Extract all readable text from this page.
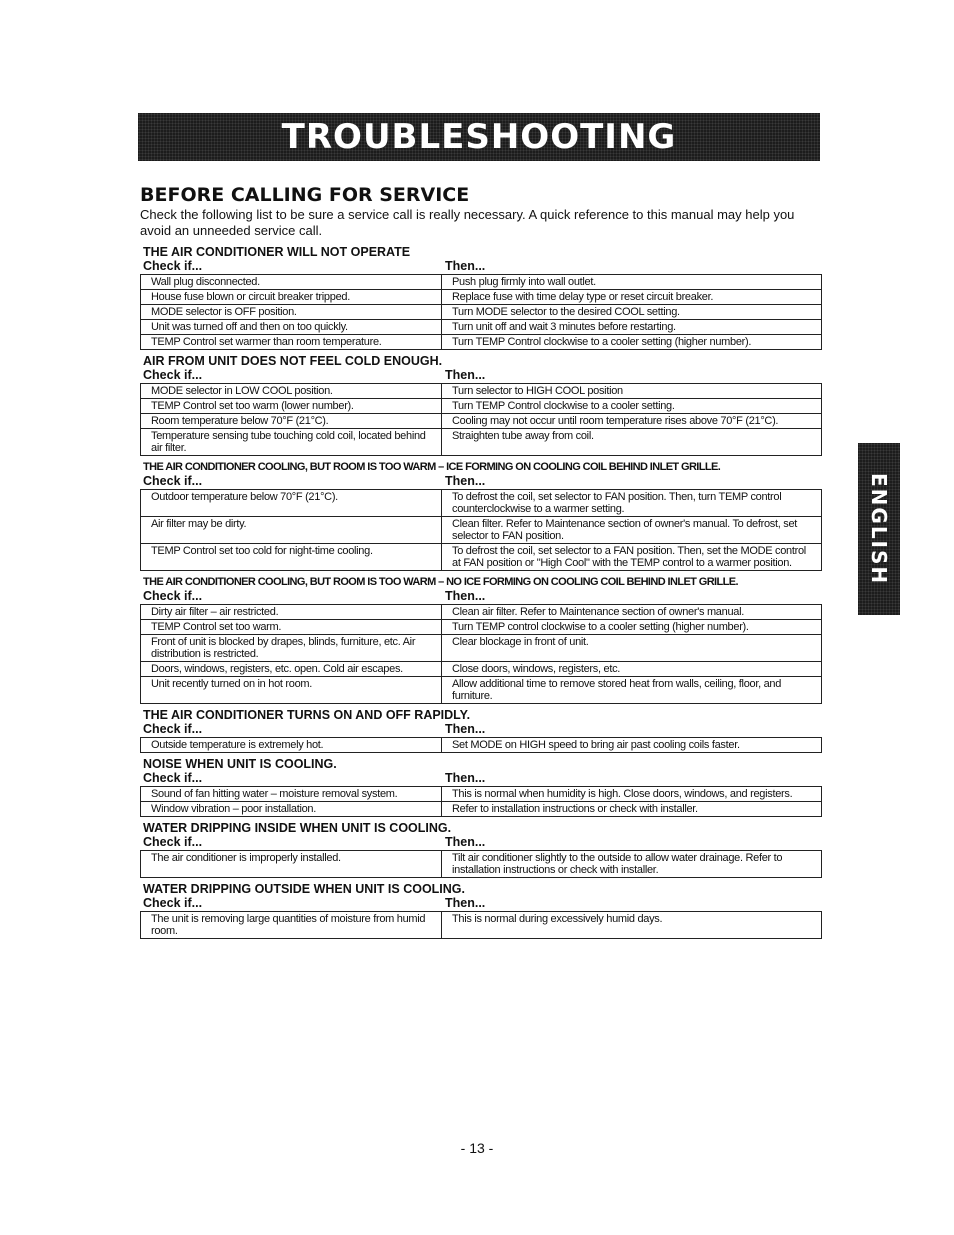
TROUBLESHOOTING
ENGLISH
BEFORE CALLING FOR SERVICE

Check the following list to be sure a service call is really necessary. A quick reference to this manual may help you avoid an unneeded service call.

THE AIR CONDITIONER WILL NOT OPERATE

Check if...	Then...
Wall plug disconnected.	Push plug firmly into wall outlet.
House fuse blown or circuit breaker tripped.	Replace fuse with time delay type or reset circuit breaker.
MODE selector is OFF position.	Turn MODE selector to the desired COOL setting.
Unit was turned off and then on too quickly.	Turn unit off and wait 3 minutes before restarting.
TEMP Control set warmer than room temperature.	Turn TEMP Control clockwise to a cooler setting (higher number).

AIR FROM UNIT DOES NOT FEEL COLD ENOUGH.

Check if...	Then...
MODE selector in LOW COOL position.	Turn selector to HIGH COOL position
TEMP Control set too warm (lower number).	Turn TEMP Control clockwise to a cooler setting.
Room temperature below 70°F (21°C).	Cooling may not occur until room temperature rises above 70°F (21°C).
Temperature sensing tube touching cold coil, located behind air filter.	Straighten tube away from coil.

THE AIR CONDITIONER COOLING, BUT ROOM IS TOO WARM – ICE FORMING ON COOLING COIL BEHIND INLET GRILLE.

Check if...	Then...
Outdoor temperature below 70°F (21°C).	To defrost the coil, set selector to FAN position. Then, turn TEMP control counterclockwise to a warmer setting.
Air filter may be dirty.	Clean filter. Refer to Maintenance section of owner's manual. To defrost, set selector to FAN position.
TEMP Control set too cold for night-time cooling.	To defrost the coil, set selector to a FAN position. Then, set the MODE control at FAN position or "High Cool" with the TEMP control to a warmer position.

THE AIR CONDITIONER COOLING, BUT ROOM IS TOO WARM – NO ICE FORMING ON COOLING COIL BEHIND INLET GRILLE.

Check if...	Then...
Dirty air filter – air restricted.	Clean air filter. Refer to Maintenance section of owner's manual.
TEMP Control set too warm.	Turn TEMP control clockwise to a cooler setting (higher number).
Front of unit is blocked by drapes, blinds, furniture, etc. Air distribution is restricted.	Clear blockage in front of unit.
Doors, windows, registers, etc. open. Cold air escapes.	Close doors, windows, registers, etc.
Unit recently turned on in hot room.	Allow additional time to remove stored heat from walls, ceiling, floor, and furniture.

THE AIR CONDITIONER TURNS ON AND OFF RAPIDLY.

Check if...	Then...
Outside temperature is extremely hot.	Set MODE on HIGH speed to bring air past cooling coils faster.

NOISE WHEN UNIT IS COOLING.

Check if...	Then...
Sound of fan hitting water – moisture removal system.	This is normal when humidity is high. Close doors, windows, and registers.
Window vibration – poor installation.	Refer to installation instructions or check with installer.

WATER DRIPPING INSIDE WHEN UNIT IS COOLING.

Check if...	Then...
The air conditioner is improperly installed.	Tilt air conditioner slightly to the outside to allow water drainage. Refer to installation instructions or check with installer.

WATER DRIPPING OUTSIDE WHEN UNIT IS COOLING.

Check if...	Then...
The unit is removing large quantities of moisture from humid room.	This is normal during excessively humid days.
- 13 -
